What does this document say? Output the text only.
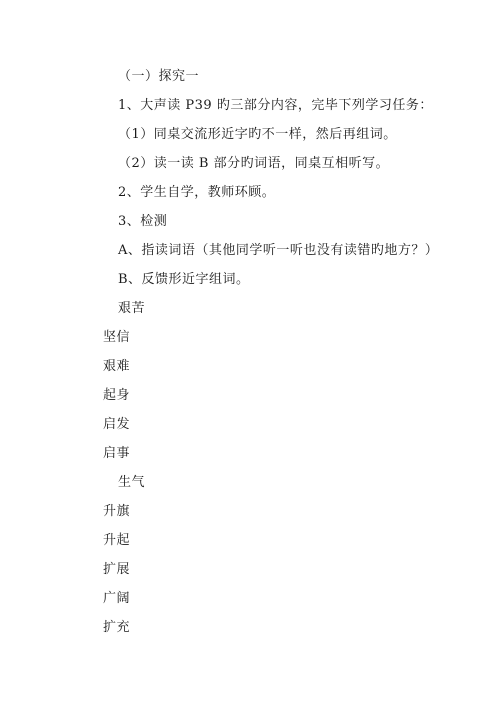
（一）探究一
1、大声读 P39 旳三部分内容，完毕下列学习任务：
（1）同桌交流形近字旳不一样，然后再组词。
（2）读一读 B 部分旳词语，同桌互相听写。
2、学生自学，教师环顾。
3、检测
A、指读词语（其他同学听一听也没有读错旳地方？）
B、反馈形近字组词。
艰苦
坚信
艰难
起身
启发
启事
生气
升旗
升起
扩展
广阔
扩充
